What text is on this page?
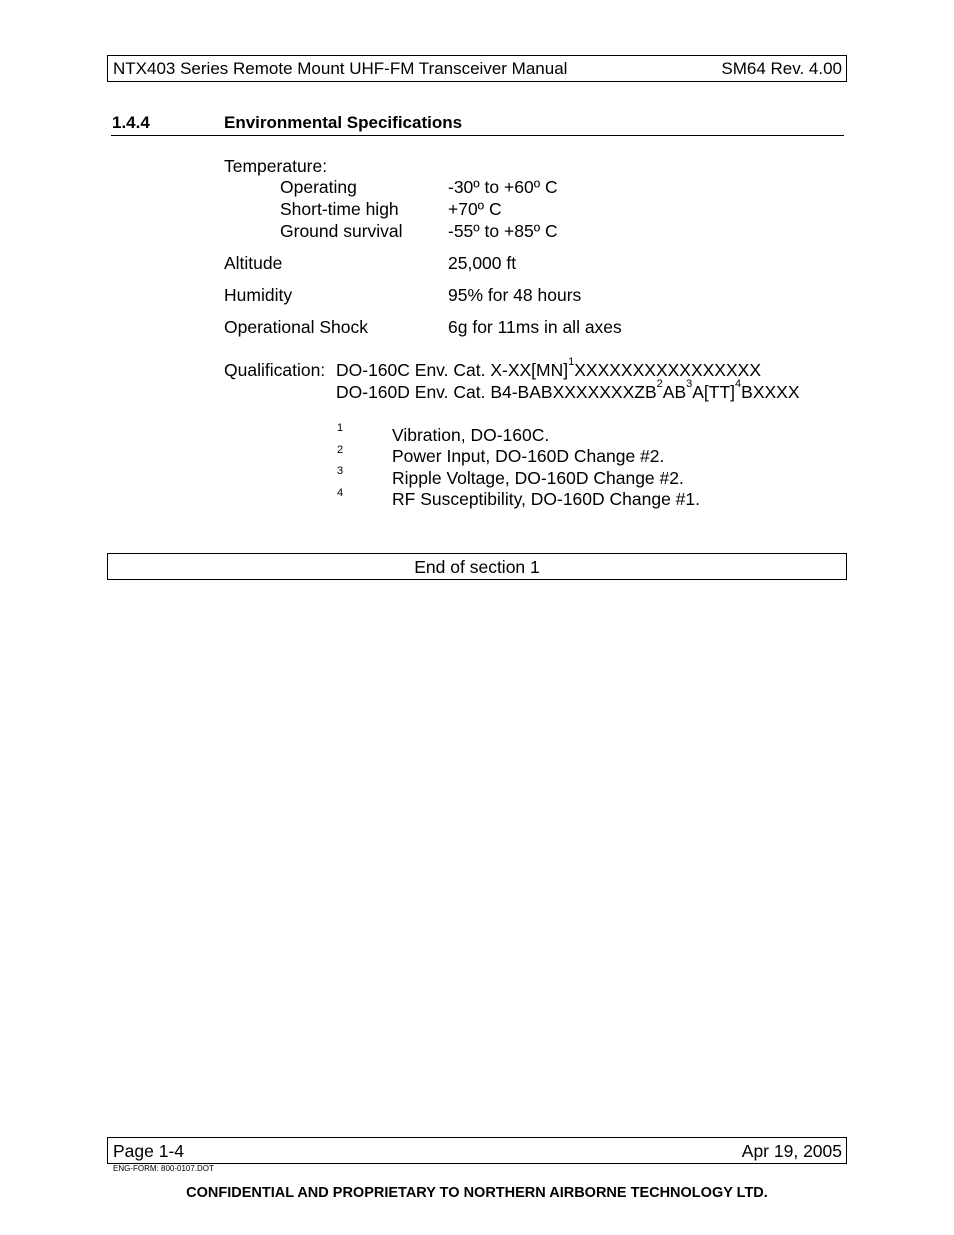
NTX403 Series Remote Mount UHF-FM Transceiver Manual	SM64 Rev. 4.00
1.4.4	Environmental Specifications
Temperature:
Operating	-30º to +60º C
Short-time high	+70º C
Ground survival	-55º to +85º C
Altitude	25,000 ft
Humidity	95% for 48 hours
Operational Shock	6g for 11ms in all axes
Qualification: DO-160C Env. Cat. X-XX[MN]$^1$XXXXXXXXXXXXXXXX
DO-160D Env. Cat. $B4-BABXXXXXXXZB^2AB^3A[TT]^4BXXXX$
1	Vibration, DO-160C.
2	Power Input, DO-160D Change #2.
3	Ripple Voltage, DO-160D Change #2.
4	RF Susceptibility, DO-160D Change #1.
End of section 1
Page 1-4	Apr 19, 2005
ENG-FORM: 800-0107.DOT
CONFIDENTIAL AND PROPRIETARY TO NORTHERN AIRBORNE TECHNOLOGY LTD.
